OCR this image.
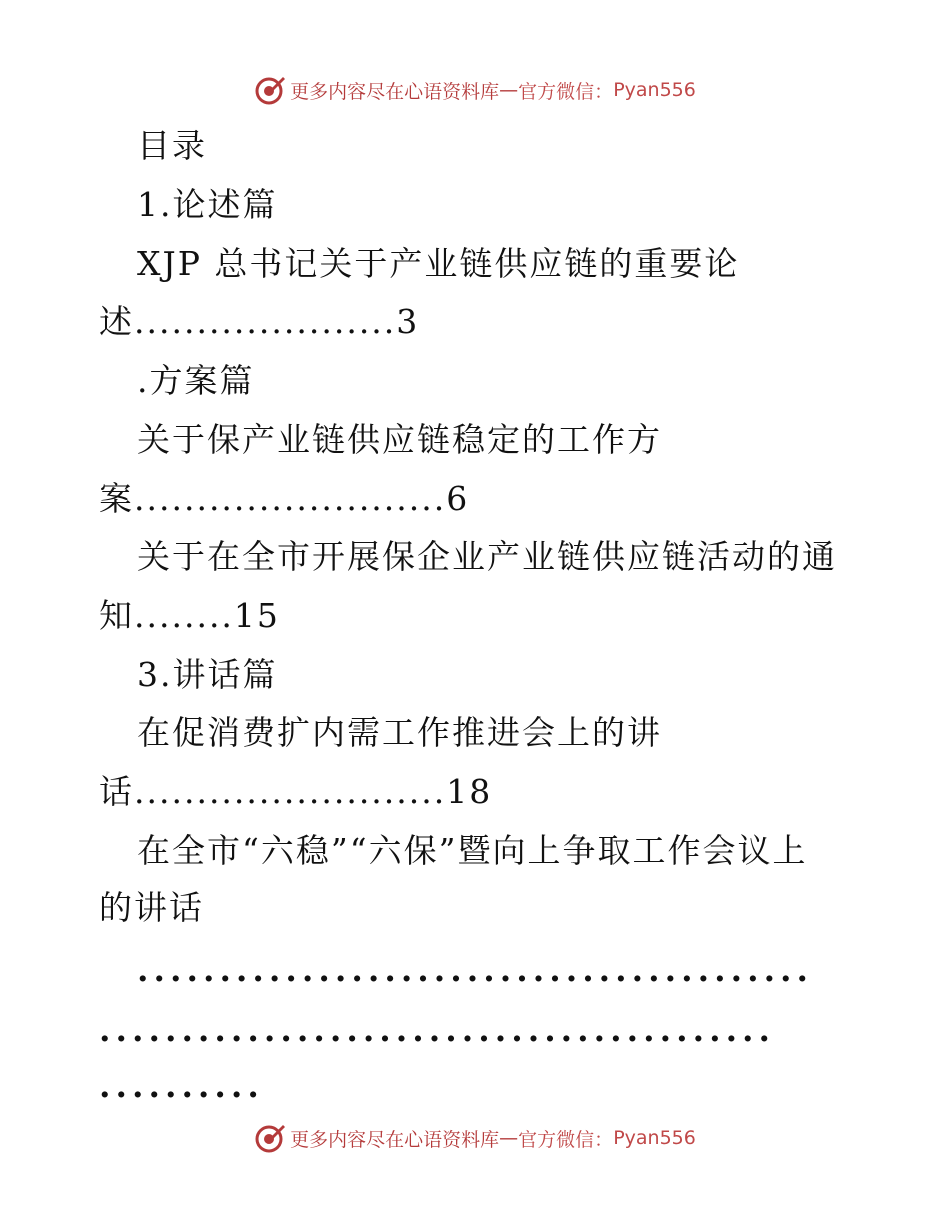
更多内容尽在心语资料库 — 官方微信： Pyan556
目录
1.论述篇
XJP 总书记关于产业链供应链的重要论
述.....................3
.方案篇
关于保产业链供应链稳定的工作方
案.........................6
关于在全市开展保企业产业链供应链活动的通
知........15
3.讲话篇
在促消费扩内需工作推进会上的讲
话.........................18
在全市“六稳”“六保”暨向上争取工作会议上
的讲话
.........................................
.........................................
..........
更多内容尽在心语资料库 — 官方微信： Pyan556
